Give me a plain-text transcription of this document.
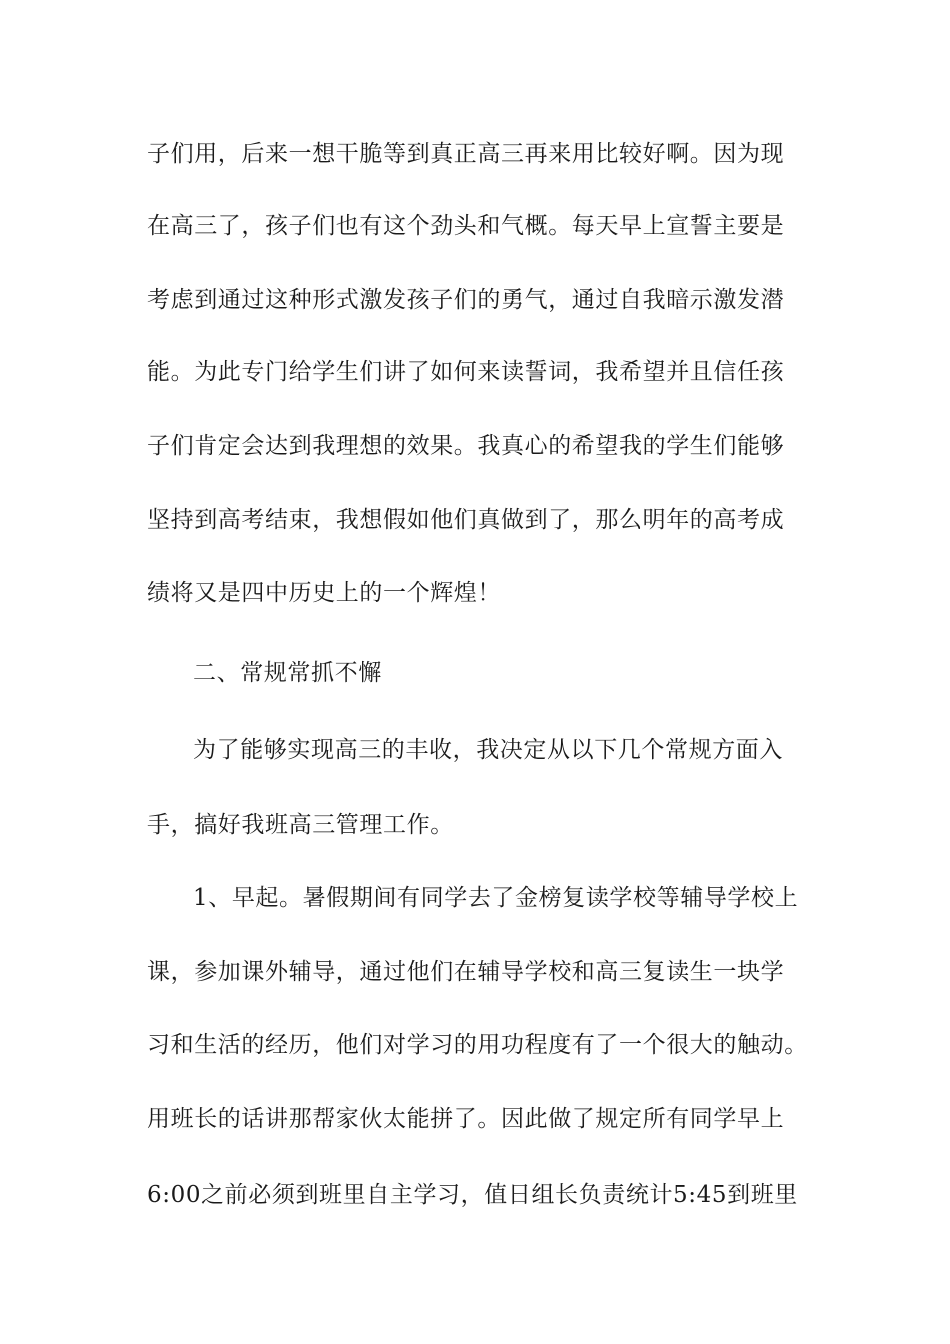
子们用，后来一想干脆等到真正高三再来用比较好啊。因为现
在高三了，孩子们也有这个劲头和气概。每天早上宣誓主要是
考虑到通过这种形式激发孩子们的勇气，通过自我暗示激发潜
能。为此专门给学生们讲了如何来读誓词，我希望并且信任孩
子们肯定会达到我理想的效果。我真心的希望我的学生们能够
坚持到高考结束，我想假如他们真做到了，那么明年的高考成
绩将又是四中历史上的一个辉煌！
二、常规常抓不懈
为了能够实现高三的丰收，我决定从以下几个常规方面入
手，搞好我班高三管理工作。
1、早起。暑假期间有同学去了金榜复读学校等辅导学校上
课，参加课外辅导，通过他们在辅导学校和高三复读生一块学
习和生活的经历，他们对学习的用功程度有了一个很大的触动。
用班长的话讲那帮家伙太能拼了。因此做了规定所有同学早上
6:00之前必须到班里自主学习，值日组长负责统计5:45到班里
